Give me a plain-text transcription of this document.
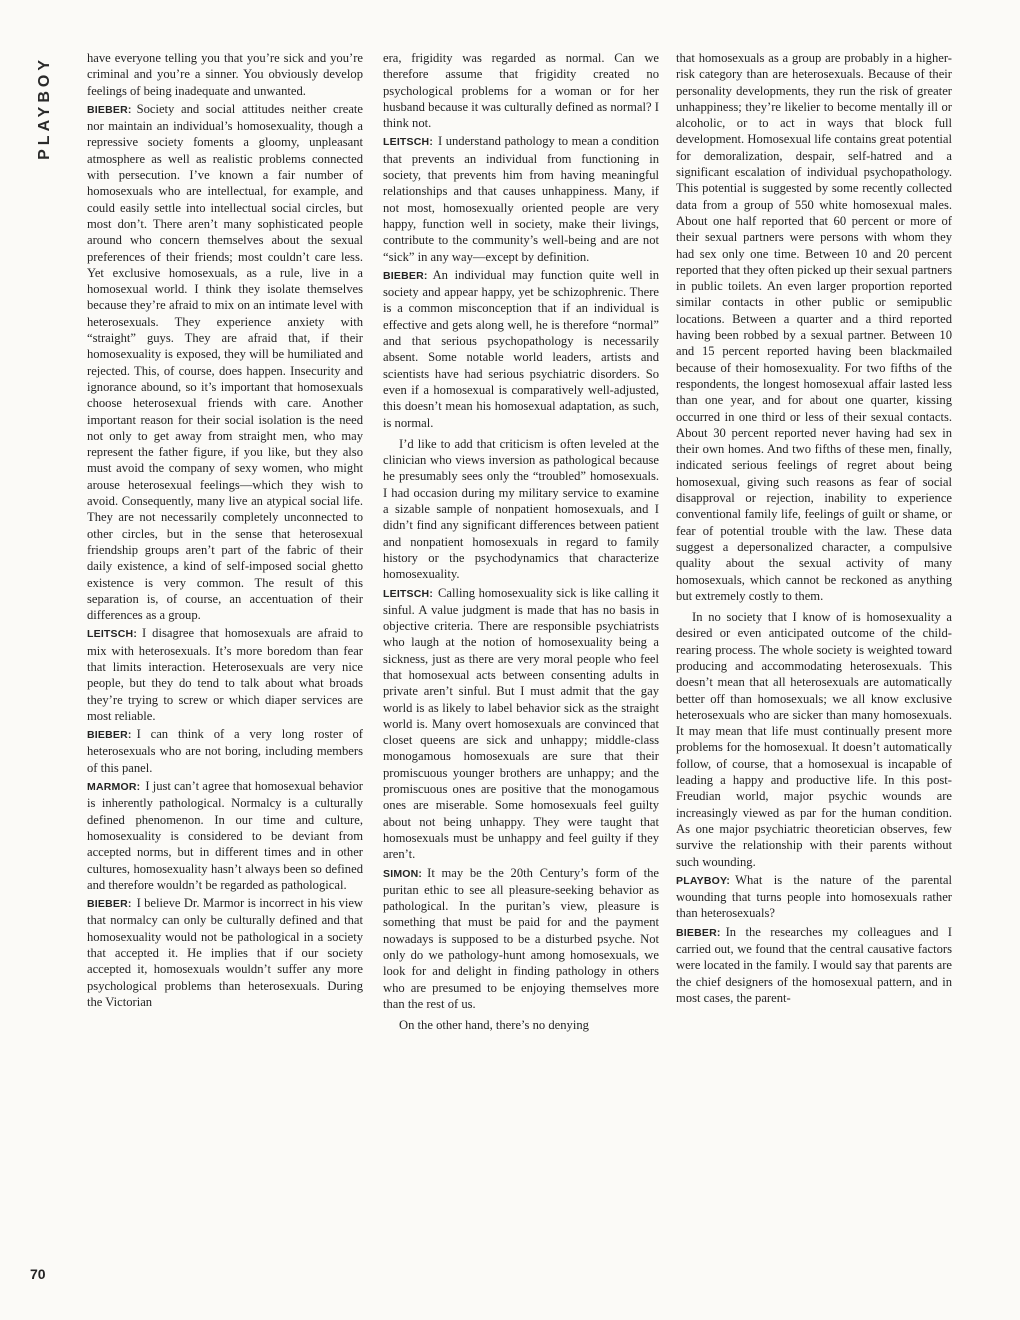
PLAYBOY	have everyone telling you that you’re sick and you’re criminal and you’re a sinner. You obviously develop feelings of being inadequate and unwanted.

BIEBER: Society and social attitudes neither create nor maintain an individual’s homosexuality, though a repressive society foments a gloomy, unpleasant atmosphere as well as realistic problems connected with persecution. I’ve known a fair number of homosexuals who are intellectual, for example, and could easily settle into intellectual social circles, but most don’t. There aren’t many sophisticated people around who concern themselves about the sexual preferences of their friends; most couldn’t care less. Yet exclusive homosexuals, as a rule, live in a homosexual world. I think they isolate themselves because they’re afraid to mix on an intimate level with heterosexuals. They experience anxiety with “straight” guys. They are afraid that, if their homosexuality is exposed, they will be humiliated and rejected. This, of course, does happen. Insecurity and ignorance abound, so it’s important that homosexuals choose heterosexual friends with care. Another important reason for their social isolation is the need not only to get away from straight men, who may represent the father figure, if you like, but they also must avoid the company of sexy women, who might arouse heterosexual feelings—which they wish to avoid. Consequently, many live an atypical social life. They are not necessarily completely unconnected to other circles, but in the sense that heterosexual friendship groups aren’t part of the fabric of their daily existence, a kind of self-imposed social ghetto existence is very common. The result of this separation is, of course, an accentuation of their differences as a group.

LEITSCH: I disagree that homosexuals are afraid to mix with heterosexuals. It’s more boredom than fear that limits interaction. Heterosexuals are very nice people, but they do tend to talk about what broads they’re trying to screw or which diaper services are most reliable.

BIEBER: I can think of a very long roster of heterosexuals who are not boring, including members of this panel.

MARMOR: I just can’t agree that homosexual behavior is inherently pathological. Normalcy is a culturally defined phenomenon. In our time and culture, homosexuality is considered to be deviant from accepted norms, but in different times and in other cultures, homosexuality hasn’t always been so defined and therefore wouldn’t be regarded as pathological.

BIEBER: I believe Dr. Marmor is incorrect in his view that normalcy can only be culturally defined and that homosexuality would not be pathological in a society that accepted it. He implies that if our society accepted it, homosexuals wouldn’t suffer any more psychological problems than heterosexuals. During the Victorian

era, frigidity was regarded as normal. Can we therefore assume that frigidity created no psychological problems for a woman or for her husband because it was culturally defined as normal? I think not.

LEITSCH: I understand pathology to mean a condition that prevents an individual from functioning in society, that prevents him from having meaningful relationships and that causes unhappiness. Many, if not most, homosexually oriented people are very happy, function well in society, make their livings, contribute to the community’s well-being and are not “sick” in any way—except by definition.

BIEBER: An individual may function quite well in society and appear happy, yet be schizophrenic. There is a common misconception that if an individual is effective and gets along well, he is therefore “normal” and that serious psychopathology is necessarily absent. Some notable world leaders, artists and scientists have had serious psychiatric disorders. So even if a homosexual is comparatively well-adjusted, this doesn’t mean his homosexual adaptation, as such, is normal.

I’d like to add that criticism is often leveled at the clinician who views inversion as pathological because he presumably sees only the “troubled” homosexuals. I had occasion during my military service to examine a sizable sample of nonpatient homosexuals, and I didn’t find any significant differences between patient and nonpatient homosexuals in regard to family history or the psychodynamics that characterize homosexuality.

LEITSCH: Calling homosexuality sick is like calling it sinful. A value judgment is made that has no basis in objective criteria. There are responsible psychiatrists who laugh at the notion of homosexuality being a sickness, just as there are very moral people who feel that homosexual acts between consenting adults in private aren’t sinful. But I must admit that the gay world is as likely to label behavior sick as the straight world is. Many overt homosexuals are convinced that closet queens are sick and unhappy; middle-class monogamous homosexuals are sure that their promiscuous younger brothers are unhappy; and the promiscuous ones are positive that the monogamous ones are miserable. Some homosexuals feel guilty about not being unhappy. They were taught that homosexuals must be unhappy and feel guilty if they aren’t.

SIMON: It may be the 20th Century’s form of the puritan ethic to see all pleasure-seeking behavior as pathological. In the puritan’s view, pleasure is something that must be paid for and the payment nowadays is supposed to be a disturbed psyche. Not only do we pathology-hunt among homosexuals, we look for and delight in finding pathology in others who are presumed to be enjoying themselves more than the rest of us.

On the other hand, there’s no denying

that homosexuals as a group are probably in a higher-risk category than are heterosexuals. Because of their personality developments, they run the risk of greater unhappiness; they’re likelier to become mentally ill or alcoholic, or to act in ways that block full development. Homosexual life contains great potential for demoralization, despair, self-hatred and a significant escalation of individual psychopathology. This potential is suggested by some recently collected data from a group of 550 white homosexual males. About one half reported that 60 percent or more of their sexual partners were persons with whom they had sex only one time. Between 10 and 20 percent reported that they often picked up their sexual partners in public toilets. An even larger proportion reported similar contacts in other public or semipublic locations. Between a quarter and a third reported having been robbed by a sexual partner. Between 10 and 15 percent reported having been blackmailed because of their homosexuality. For two fifths of the respondents, the longest homosexual affair lasted less than one year, and for about one quarter, kissing occurred in one third or less of their sexual contacts. About 30 percent reported never having had sex in their own homes. And two fifths of these men, finally, indicated serious feelings of regret about being homosexual, giving such reasons as fear of social disapproval or rejection, inability to experience conventional family life, feelings of guilt or shame, or fear of potential trouble with the law. These data suggest a depersonalized character, a compulsive quality about the sexual activity of many homosexuals, which cannot be reckoned as anything but extremely costly to them.

In no society that I know of is homosexuality a desired or even anticipated outcome of the child-rearing process. The whole society is weighted toward producing and accommodating heterosexuals. This doesn’t mean that all heterosexuals are automatically better off than homosexuals; we all know exclusive heterosexuals who are sicker than many homosexuals. It may mean that life must continually present more problems for the homosexual. It doesn’t automatically follow, of course, that a homosexual is incapable of leading a happy and productive life. In this post-Freudian world, major psychic wounds are increasingly viewed as par for the human condition. As one major psychiatric theoretician observes, few survive the relationship with their parents without such wounding.

PLAYBOY: What is the nature of the parental wounding that turns people into homosexuals rather than heterosexuals?

BIEBER: In the researches my colleagues and I carried out, we found that the central causative factors were located in the family. I would say that parents are the chief designers of the homosexual pattern, and in most cases, the parent-

70
